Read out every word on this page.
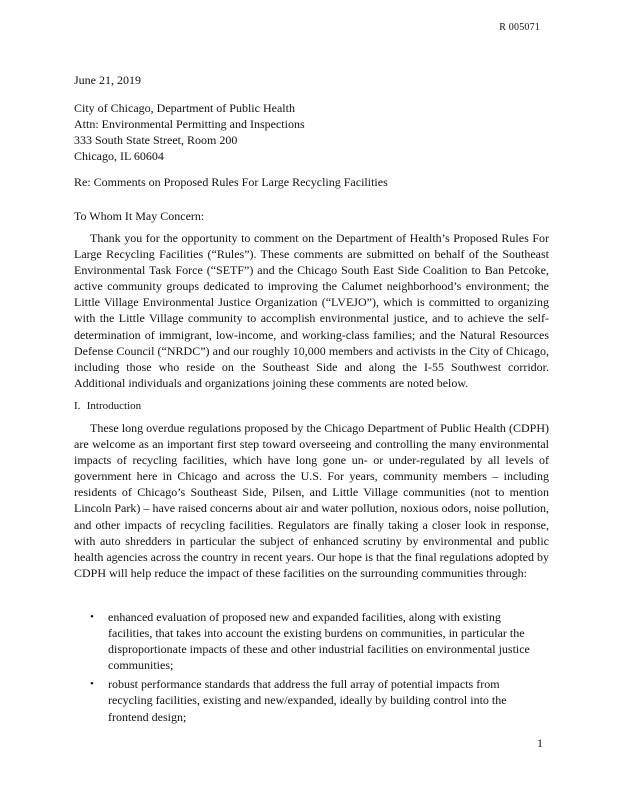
R 005071
June 21, 2019
City of Chicago, Department of Public Health
Attn: Environmental Permitting and Inspections
333 South State Street, Room 200
Chicago, IL 60604
Re: Comments on Proposed Rules For Large Recycling Facilities
To Whom It May Concern:
Thank you for the opportunity to comment on the Department of Health’s Proposed Rules For Large Recycling Facilities (“Rules”). These comments are submitted on behalf of the Southeast Environmental Task Force (“SETF”) and the Chicago South East Side Coalition to Ban Petcoke, active community groups dedicated to improving the Calumet neighborhood’s environment; the Little Village Environmental Justice Organization (“LVEJO”), which is committed to organizing with the Little Village community to accomplish environmental justice, and to achieve the self-determination of immigrant, low-income, and working-class families; and the Natural Resources Defense Council (“NRDC”) and our roughly 10,000 members and activists in the City of Chicago, including those who reside on the Southeast Side and along the I-55 Southwest corridor. Additional individuals and organizations joining these comments are noted below.
I. Introduction
These long overdue regulations proposed by the Chicago Department of Public Health (CDPH) are welcome as an important first step toward overseeing and controlling the many environmental impacts of recycling facilities, which have long gone un- or under-regulated by all levels of government here in Chicago and across the U.S. For years, community members – including residents of Chicago’s Southeast Side, Pilsen, and Little Village communities (not to mention Lincoln Park) – have raised concerns about air and water pollution, noxious odors, noise pollution, and other impacts of recycling facilities. Regulators are finally taking a closer look in response, with auto shredders in particular the subject of enhanced scrutiny by environmental and public health agencies across the country in recent years. Our hope is that the final regulations adopted by CDPH will help reduce the impact of these facilities on the surrounding communities through:
• enhanced evaluation of proposed new and expanded facilities, along with existing facilities, that takes into account the existing burdens on communities, in particular the disproportionate impacts of these and other industrial facilities on environmental justice communities;
• robust performance standards that address the full array of potential impacts from recycling facilities, existing and new/expanded, ideally by building control into the frontend design;
1
